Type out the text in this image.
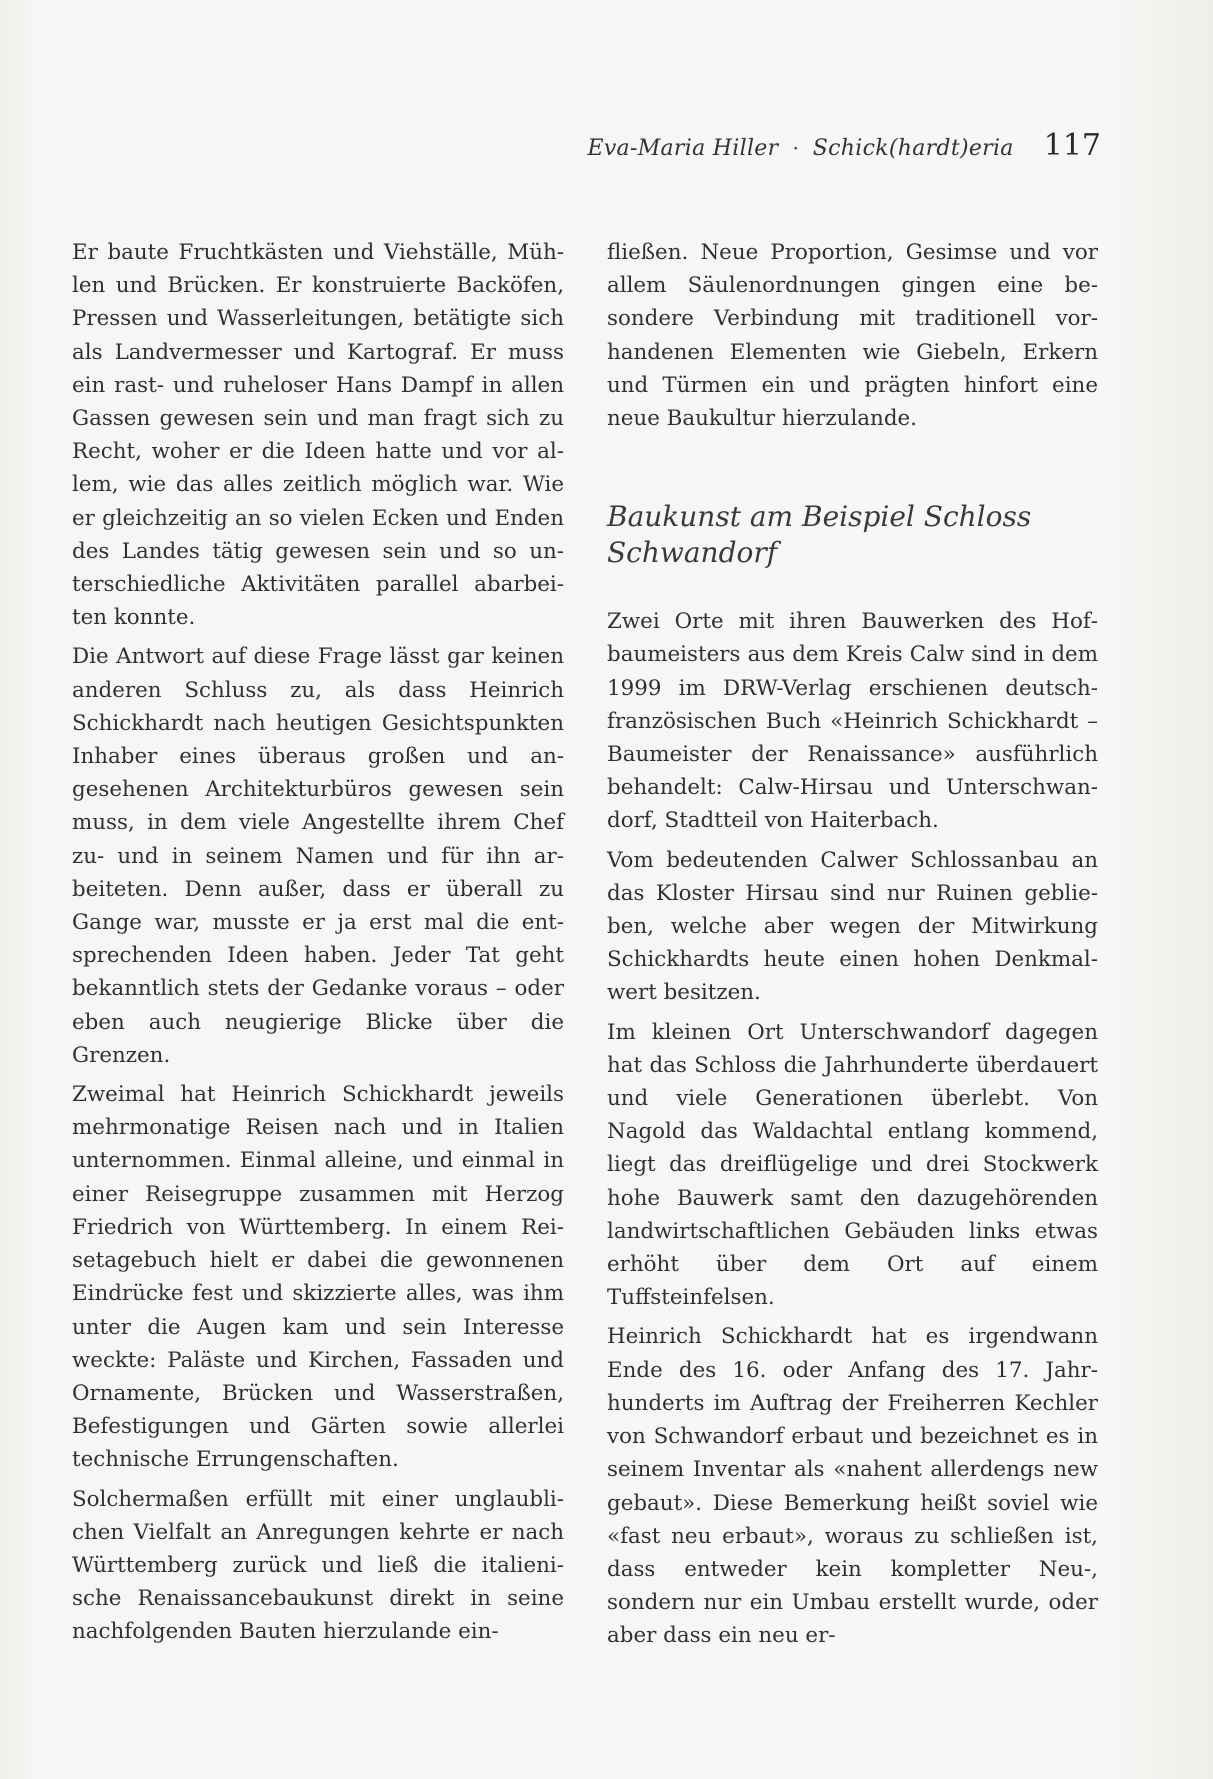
Eva-Maria Hiller · Schick(hardt)eria 117

Er baute Fruchtkästen und Viehställe, Mühlen und Brücken. Er konstruierte Backöfen, Pressen und Wasserleitungen, betätigte sich als Landvermesser und Kartograf. Er muss ein rast- und ruheloser Hans Dampf in allen Gassen gewesen sein und man fragt sich zu Recht, woher er die Ideen hatte und vor allem, wie das alles zeitlich möglich war. Wie er gleichzeitig an so vielen Ecken und Enden des Landes tätig gewesen sein und so unterschiedliche Aktivitäten parallel abarbeiten konnte.

Die Antwort auf diese Frage lässt gar keinen anderen Schluss zu, als dass Heinrich Schickhardt nach heutigen Gesichtspunkten Inhaber eines überaus großen und angesehenen Architekturbüros gewesen sein muss, in dem viele Angestellte ihrem Chef zu- und in seinem Namen und für ihn arbeiteten. Denn außer, dass er überall zu Gange war, musste er ja erst mal die entsprechenden Ideen haben. Jeder Tat geht bekanntlich stets der Gedanke voraus – oder eben auch neugierige Blicke über die Grenzen.

Zweimal hat Heinrich Schickhardt jeweils mehrmonatige Reisen nach und in Italien unternommen. Einmal alleine, und einmal in einer Reisegruppe zusammen mit Herzog Friedrich von Württemberg. In einem Reisetagebuch hielt er dabei die gewonnenen Eindrücke fest und skizzierte alles, was ihm unter die Augen kam und sein Interesse weckte: Paläste und Kirchen, Fassaden und Ornamente, Brücken und Wasserstraßen, Befestigungen und Gärten sowie allerlei technische Errungenschaften.

Solchermaßen erfüllt mit einer unglaublichen Vielfalt an Anregungen kehrte er nach Württemberg zurück und ließ die italienische Renaissancebaukunst direkt in seine nachfolgenden Bauten hierzulande ein-

fließen. Neue Proportion, Gesimse und vor allem Säulenordnungen gingen eine besondere Verbindung mit traditionell vorhandenen Elementen wie Giebeln, Erkern und Türmen ein und prägten hinfort eine neue Baukultur hierzulande.

Baukunst am Beispiel Schloss Schwandorf

Zwei Orte mit ihren Bauwerken des Hofbaumeisters aus dem Kreis Calw sind in dem 1999 im DRW-Verlag erschienen deutsch-französischen Buch «Heinrich Schickhardt – Baumeister der Renaissance» ausführlich behandelt: Calw-Hirsau und Unterschwandorf, Stadtteil von Haiterbach.

Vom bedeutenden Calwer Schlossanbau an das Kloster Hirsau sind nur Ruinen geblieben, welche aber wegen der Mitwirkung Schickhardts heute einen hohen Denkmalwert besitzen.

Im kleinen Ort Unterschwandorf dagegen hat das Schloss die Jahrhunderte überdauert und viele Generationen überlebt. Von Nagold das Waldachtal entlang kommend, liegt das dreiflügelige und drei Stockwerk hohe Bauwerk samt den dazugehörenden landwirtschaftlichen Gebäuden links etwas erhöht über dem Ort auf einem Tuffsteinfelsen.

Heinrich Schickhardt hat es irgendwann Ende des 16. oder Anfang des 17. Jahrhunderts im Auftrag der Freiherren Kechler von Schwandorf erbaut und bezeichnet es in seinem Inventar als «nahent allerdengs new gebaut». Diese Bemerkung heißt soviel wie «fast neu erbaut», woraus zu schließen ist, dass entweder kein kompletter Neu-, sondern nur ein Umbau erstellt wurde, oder aber dass ein neu er-
